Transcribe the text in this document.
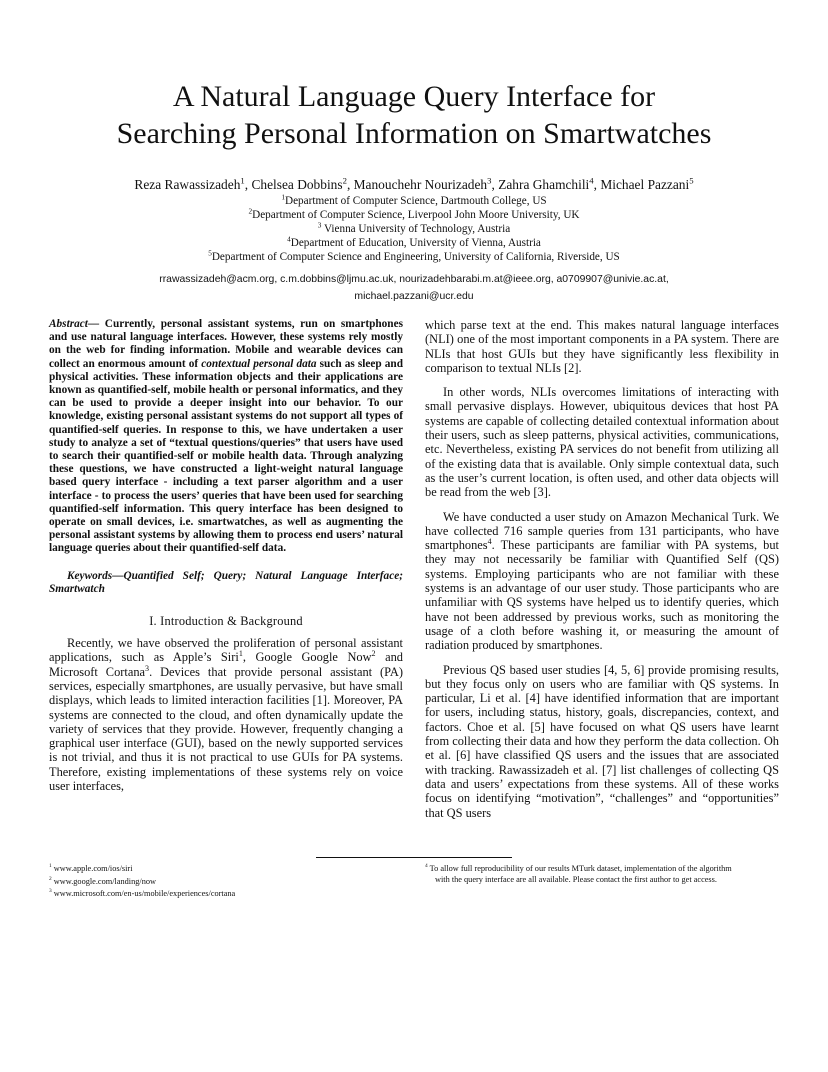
A Natural Language Query Interface for
Searching Personal Information on Smartwatches
Reza Rawassizadeh$^1$, Chelsea Dobbins$^2$, Manouchehr Nourizadeh$^3$, Zahra Ghamchili$^4$, Michael Pazzani$^5$
$^1$Department of Computer Science, Dartmouth College, US
$^2$Department of Computer Science, Liverpool John Moore University, UK
$^3$ Vienna University of Technology, Austria
$^4$Department of Education, University of Vienna, Austria
$^5$Department of Computer Science and Engineering, University of California, Riverside, US
rrawassizadeh@acm.org, c.m.dobbins@ljmu.ac.uk, nourizadehbarabi.m.at@ieee.org, a0709907@univie.ac.at,
michael.pazzani@ucr.edu

Abstract— Currently, personal assistant systems, run on smartphones and use natural language interfaces. However, these systems rely mostly on the web for finding information. Mobile and wearable devices can collect an enormous amount of contextual personal data such as sleep and physical activities. These information objects and their applications are known as quantified-self, mobile health or personal informatics, and they can be used to provide a deeper insight into our behavior. To our knowledge, existing personal assistant systems do not support all types of quantified-self queries. In response to this, we have undertaken a user study to analyze a set of “textual questions/queries” that users have used to search their quantified-self or mobile health data. Through analyzing these questions, we have constructed a light-weight natural language based query interface - including a text parser algorithm and a user interface - to process the users’ queries that have been used for searching quantified-self information. This query interface has been designed to operate on small devices, i.e. smartwatches, as well as augmenting the personal assistant systems by allowing them to process end users’ natural language queries about their quantified-self data.

Keywords—Quantified Self; Query; Natural Language Interface; Smartwatch

I. Introduction & Background

Recently, we have observed the proliferation of personal assistant applications, such as Apple’s Siri$^1$, Google Google Now$^2$ and Microsoft Cortana$^3$. Devices that provide personal assistant (PA) services, especially smartphones, are usually pervasive, but have small displays, which leads to limited interaction facilities [1]. Moreover, PA systems are connected to the cloud, and often dynamically update the variety of services that they provide. However, frequently changing a graphical user interface (GUI), based on the newly supported services is not trivial, and thus it is not practical to use GUIs for PA systems. Therefore, existing implementations of these systems rely on voice user interfaces,

which parse text at the end. This makes natural language interfaces (NLI) one of the most important components in a PA system. There are NLIs that host GUIs but they have significantly less flexibility in comparison to textual NLIs [2].

In other words, NLIs overcomes limitations of interacting with small pervasive displays. However, ubiquitous devices that host PA systems are capable of collecting detailed contextual information about their users, such as sleep patterns, physical activities, communications, etc. Nevertheless, existing PA services do not benefit from utilizing all of the existing data that is available. Only simple contextual data, such as the user’s current location, is often used, and other data objects will be read from the web [3].

We have conducted a user study on Amazon Mechanical Turk. We have collected 716 sample queries from 131 participants, who have smartphones$^4$. These participants are familiar with PA systems, but they may not necessarily be familiar with Quantified Self (QS) systems. Employing participants who are not familiar with these systems is an advantage of our user study. Those participants who are unfamiliar with QS systems have helped us to identify queries, which have not been addressed by previous works, such as monitoring the usage of a cloth before washing it, or measuring the amount of radiation produced by smartphones.

Previous QS based user studies [4, 5, 6] provide promising results, but they focus only on users who are familiar with QS systems. In particular, Li et al. [4] have identified information that are important for users, including status, history, goals, discrepancies, context, and factors. Choe et al. [5] have focused on what QS users have learnt from collecting their data and how they perform the data collection. Oh et al. [6] have classified QS users and the issues that are associated with tracking. Rawassizadeh et al. [7] list challenges of collecting QS data and users’ expectations from these systems. All of these works focus on identifying “motivation”, “challenges” and “opportunities” that QS users

$^1$ www.apple.com/ios/siri

$^2$ www.google.com/landing/now

$^3$ www.microsoft.com/en-us/mobile/experiences/cortana

$^4$ To allow full reproducibility of our results MTurk dataset, implementation of the algorithm

with the query interface are all available. Please contact the first author to get access.
